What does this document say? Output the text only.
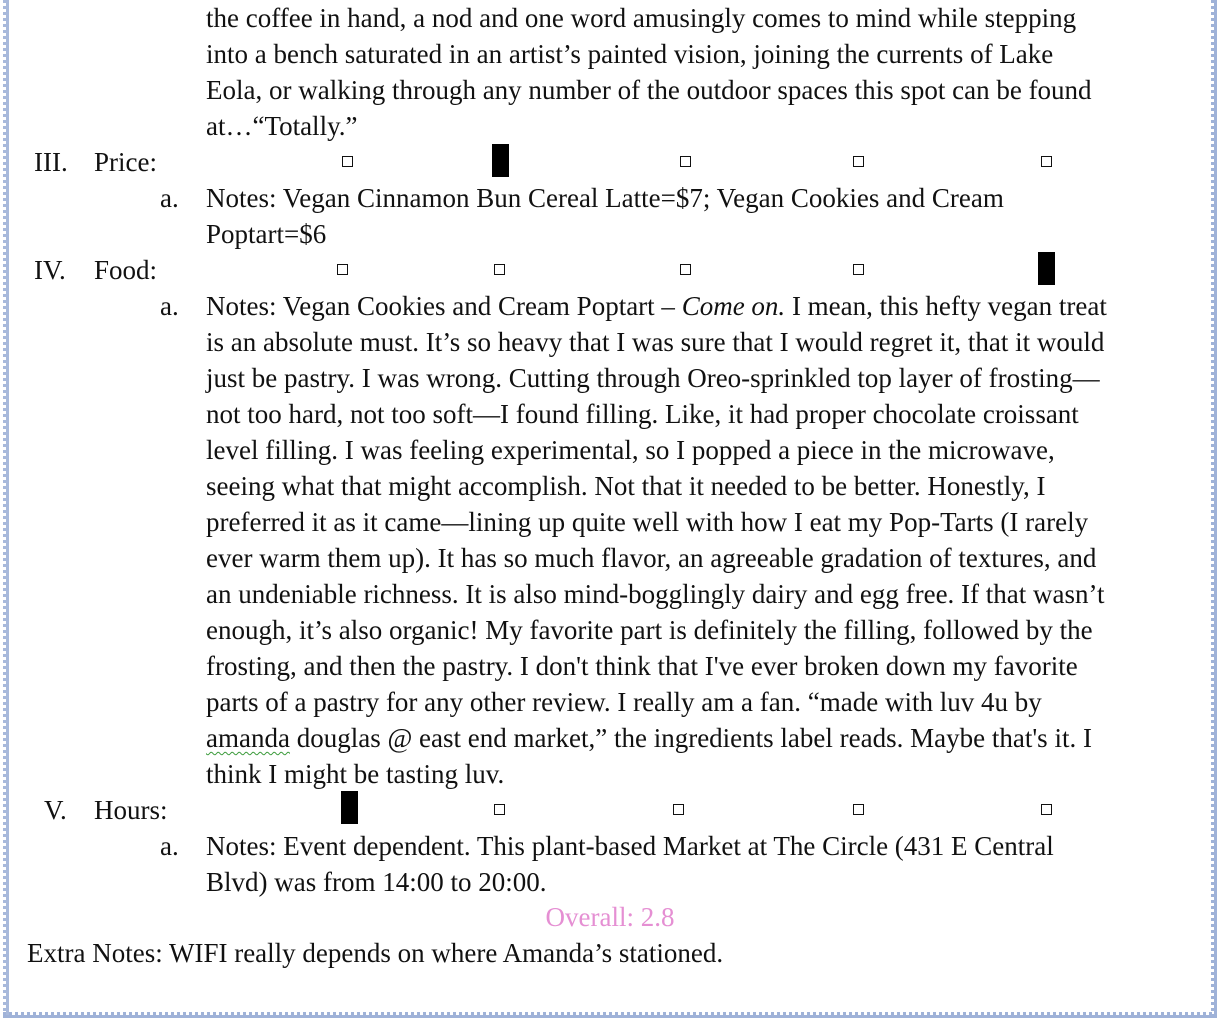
the coffee in hand, a nod and one word amusingly comes to mind while stepping
into a bench saturated in an artist’s painted vision, joining the currents of Lake
Eola, or walking through any number of the outdoor spaces this spot can be found
at…“Totally.”
III. Price:
a. Notes: Vegan Cinnamon Bun Cereal Latte=$7; Vegan Cookies and Cream
Poptart=$6
IV. Food:
a. Notes: Vegan Cookies and Cream Poptart – Come on. I mean, this hefty vegan treat
is an absolute must. It’s so heavy that I was sure that I would regret it, that it would
just be pastry. I was wrong. Cutting through Oreo-sprinkled top layer of frosting—
not too hard, not too soft—I found filling. Like, it had proper chocolate croissant
level filling. I was feeling experimental, so I popped a piece in the microwave,
seeing what that might accomplish. Not that it needed to be better. Honestly, I
preferred it as it came—lining up quite well with how I eat my Pop-Tarts (I rarely
ever warm them up). It has so much flavor, an agreeable gradation of textures, and
an undeniable richness. It is also mind-bogglingly dairy and egg free. If that wasn’t
enough, it’s also organic! My favorite part is definitely the filling, followed by the
frosting, and then the pastry. I don't think that I've ever broken down my favorite
parts of a pastry for any other review. I really am a fan. “made with luv 4u by
amanda douglas @ east end market,” the ingredients label reads. Maybe that's it. I
think I might be tasting luv.
V. Hours:
a. Notes: Event dependent. This plant-based Market at The Circle (431 E Central
Blvd) was from 14:00 to 20:00.
Overall: 2.8
Extra Notes: WIFI really depends on where Amanda’s stationed.
